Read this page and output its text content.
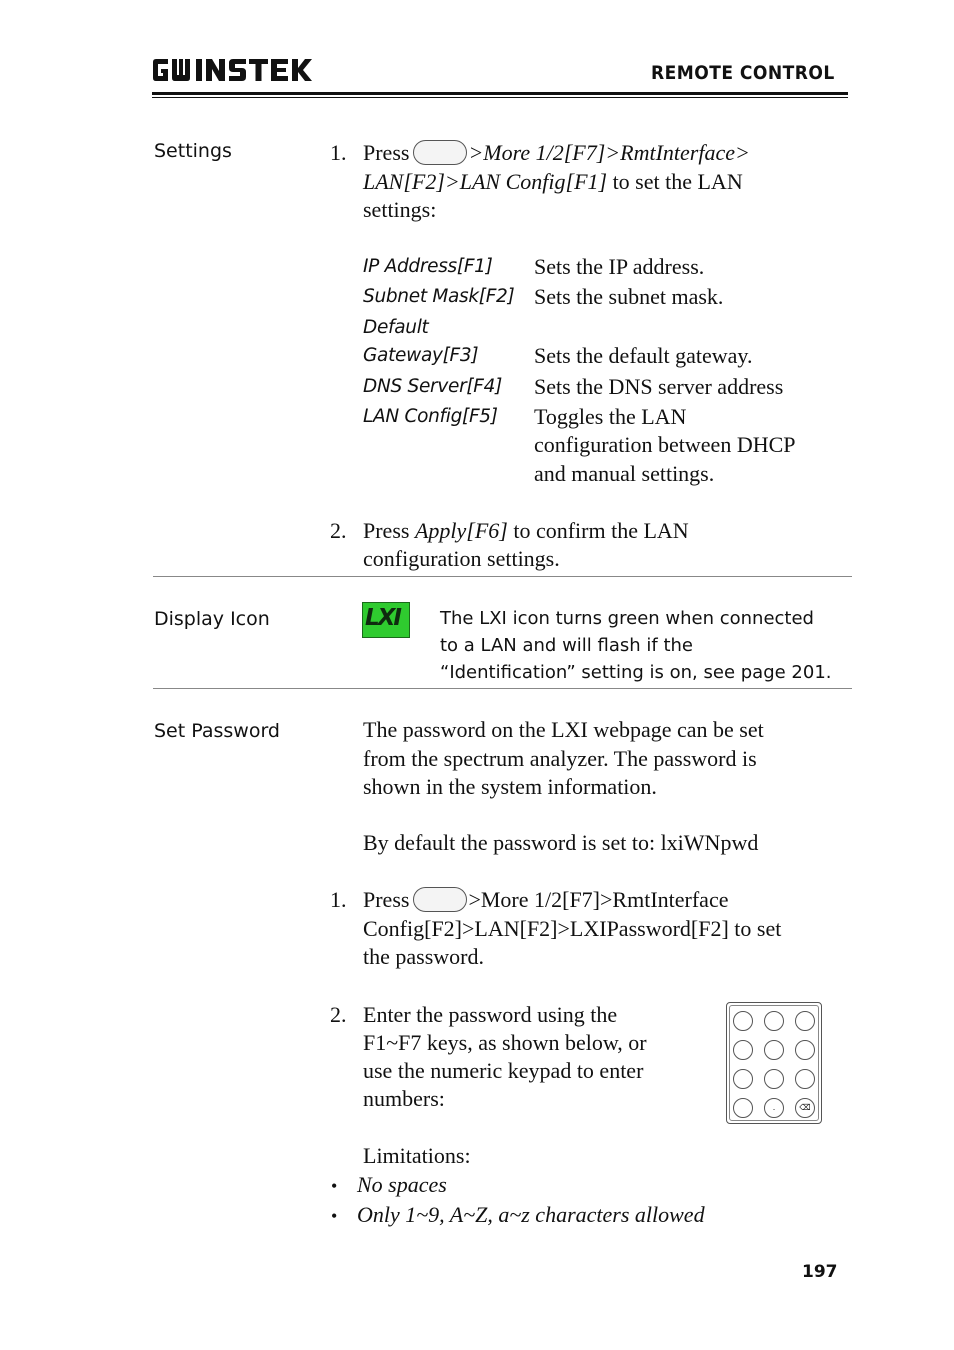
REMOTE CONTROL
Settings	1. Press	>More 1/2[F7]>RmtInterface>
LAN[F2]>LAN Config[F1] to set the LAN
settings:
IP Address[F1] Sets the IP address.
Subnet Mask[F2] Sets the subnet mask.
Default
Gateway[F3]	Sets the default gateway.
DNS Server[F4] Sets the DNS server address
LAN Config[F5] Toggles the LAN
configuration between DHCP
and manual settings.
2. Press Apply[F6] to confirm the LAN
configuration settings.
Display Icon	LXI The LXI icon turns green when connected
to a LAN and will flash if the
“Identification” setting is on, see page 201.
Set Password	The password on the LXI webpage can be set
from the spectrum analyzer. The password is
shown in the system information.
By default the password is set to: lxiWNpwd
1. Press	>More 1/2[F7]>RmtInterface
Config[F2]>LAN[F2]>LXIPassword[F2] to set
the password.
2. Enter the password using the
F1~F7 keys, as shown below, or
use the numeric keypad to enter
numbers:	.	⌫
Limitations:
• No spaces
• Only 1~9, A~Z, a~z characters allowed
197
